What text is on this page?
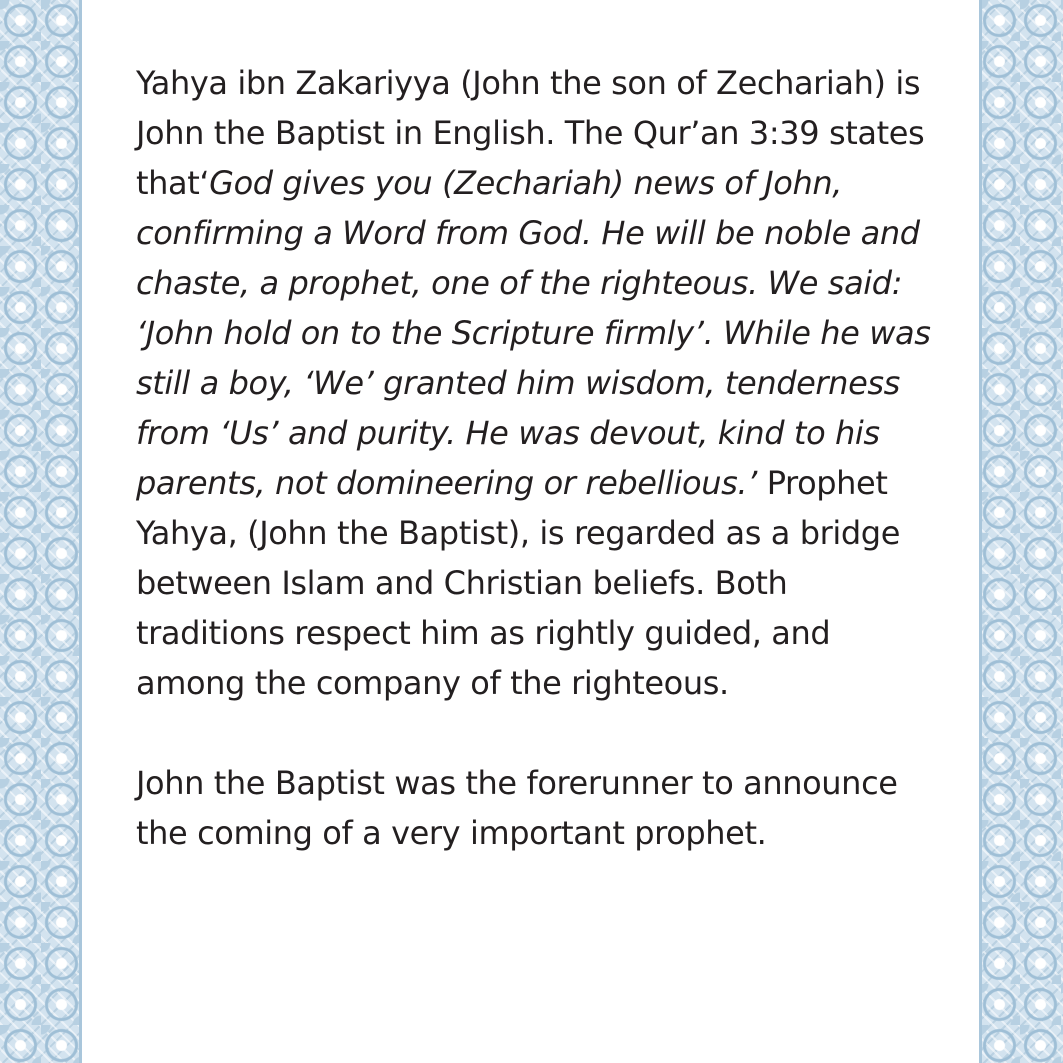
Yahya ibn Zakariyya (John the son of Zechariah) is John the Baptist in English. The Qur’an 3:39 states that‘God gives you (Zechariah) news of John, confirming a Word from God. He will be noble and chaste, a prophet, one of the righteous. We said: ‘John hold on to the Scripture firmly’. While he was still a boy, ‘We’ granted him wisdom, tenderness from ‘Us’ and purity. He was devout, kind to his parents, not domineering or rebellious.’ Prophet Yahya, (John the Baptist), is regarded as a bridge between Islam and Christian beliefs. Both traditions respect him as rightly guided, and among the company of the righteous.

John the Baptist was the forerunner to announce the coming of a very important prophet.
